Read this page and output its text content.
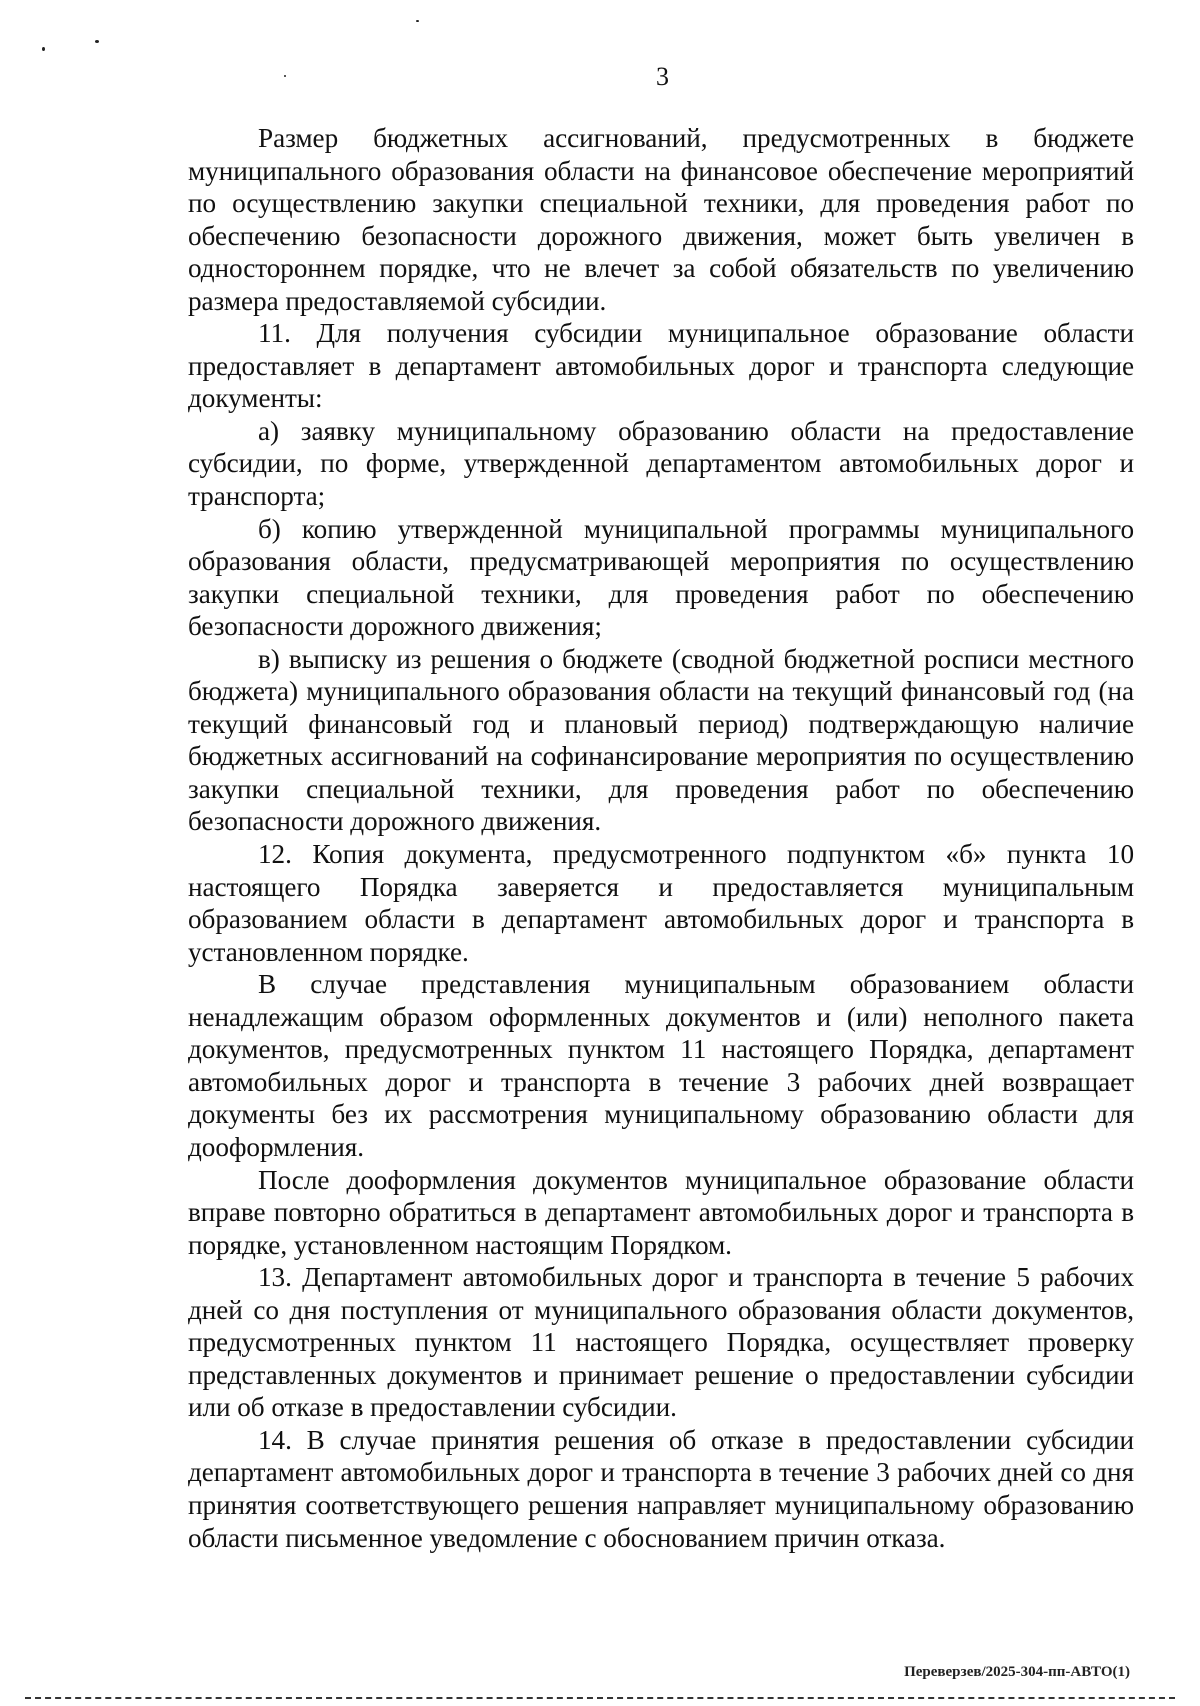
3

Размер бюджетных ассигнований, предусмотренных в бюджете муниципального образования области на финансовое обеспечение мероприятий по осуществлению закупки специальной техники, для проведения работ по обеспечению безопасности дорожного движения, может быть увеличен в одностороннем порядке, что не влечет за собой обязательств по увеличению размера предоставляемой субсидии.

11. Для получения субсидии муниципальное образование области предоставляет в департамент автомобильных дорог и транспорта следующие документы:

а) заявку муниципальному образованию области на предоставление субсидии, по форме, утвержденной департаментом автомобильных дорог и транспорта;

б) копию утвержденной муниципальной программы муниципального образования области, предусматривающей мероприятия по осуществлению закупки специальной техники, для проведения работ по обеспечению безопасности дорожного движения;

в) выписку из решения о бюджете (сводной бюджетной росписи местного бюджета) муниципального образования области на текущий финансовый год (на текущий финансовый год и плановый период) подтверждающую наличие бюджетных ассигнований на софинансирование мероприятия по осуществлению закупки специальной техники, для проведения работ по обеспечению безопасности дорожного движения.

12. Копия документа, предусмотренного подпунктом «б» пункта 10 настоящего Порядка заверяется и предоставляется муниципальным образованием области в департамент автомобильных дорог и транспорта в установленном порядке.

В случае представления муниципальным образованием области ненадлежащим образом оформленных документов и (или) неполного пакета документов, предусмотренных пунктом 11 настоящего Порядка, департамент автомобильных дорог и транспорта в течение 3 рабочих дней возвращает документы без их рассмотрения муниципальному образованию области для дооформления.

После дооформления документов муниципальное образование области вправе повторно обратиться в департамент автомобильных дорог и транспорта в порядке, установленном настоящим Порядком.

13. Департамент автомобильных дорог и транспорта в течение 5 рабочих дней со дня поступления от муниципального образования области документов, предусмотренных пунктом 11 настоящего Порядка, осуществляет проверку представленных документов и принимает решение о предоставлении субсидии или об отказе в предоставлении субсидии.

14. В случае принятия решения об отказе в предоставлении субсидии департамент автомобильных дорог и транспорта в течение 3 рабочих дней со дня принятия соответствующего решения направляет муниципальному образованию области письменное уведомление с обоснованием причин отказа.

Переверзев/2025-304-пп-АВТО(1)
